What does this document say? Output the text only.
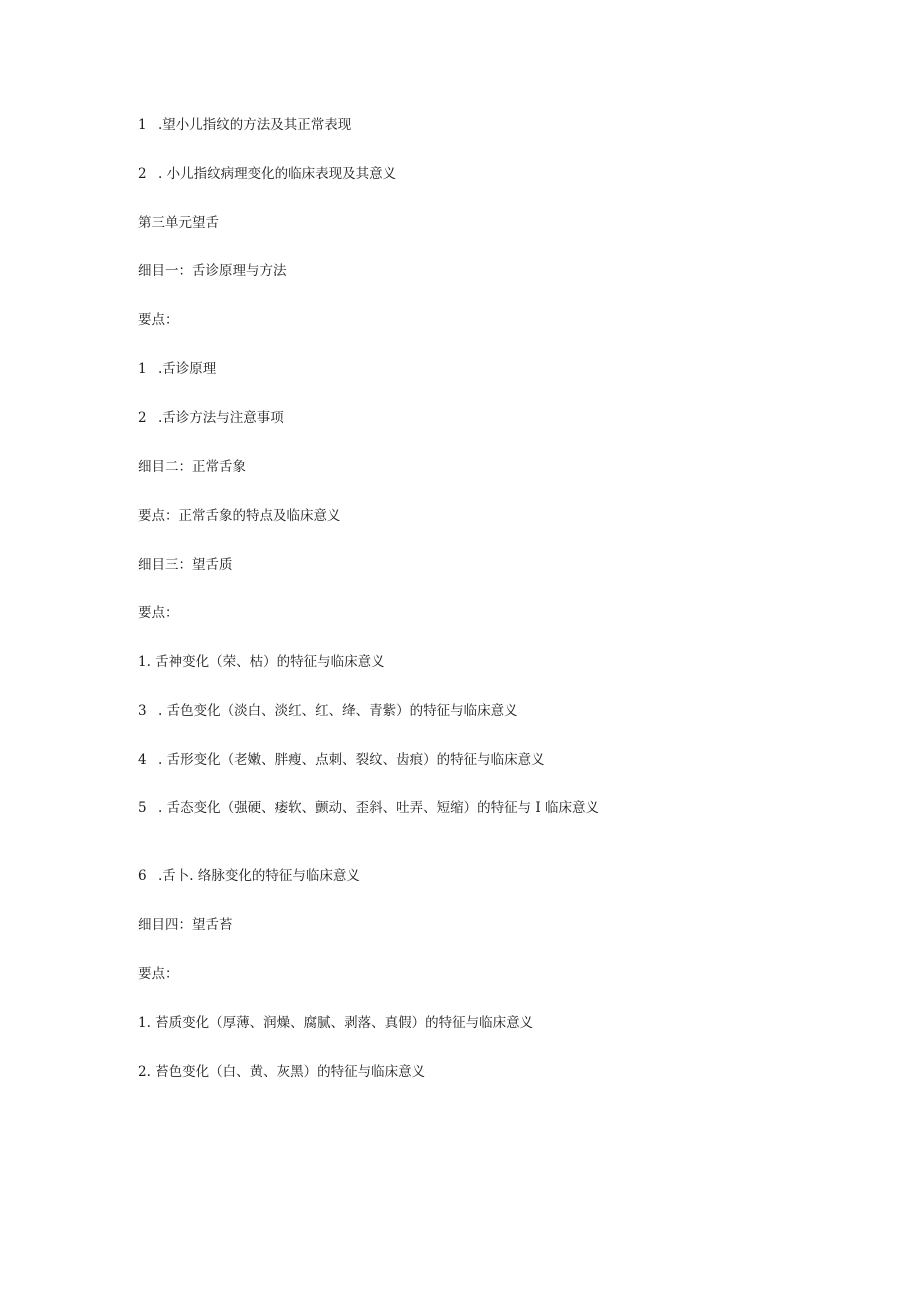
1 .望小儿指纹的方法及其正常表现
2 . 小儿指纹病理变化的临床表现及其意义
第三单元望舌
细目一：舌诊原理与方法
要点：
1 .舌诊原理
2 .舌诊方法与注意事项
细目二：正常舌象
要点：正常舌象的特点及临床意义
细目三：望舌质
要点：
1. 舌神变化（荣、枯）的特征与临床意义
3 . 舌色变化（淡白、淡红、红、绛、青紫）的特征与临床意义
4 . 舌形变化（老嫩、胖瘦、点刺、裂纹、齿痕）的特征与临床意义
5 . 舌态变化（强硬、痿软、颤动、歪斜、吐弄、短缩）的特征与 I 临床意义
6 .舌卜. 络脉变化的特征与临床意义
细目四：望舌苔
要点：
1. 苔质变化（厚薄、润燥、腐腻、剥落、真假）的特征与临床意义
2. 苔色变化（白、黄、灰黑）的特征与临床意义
